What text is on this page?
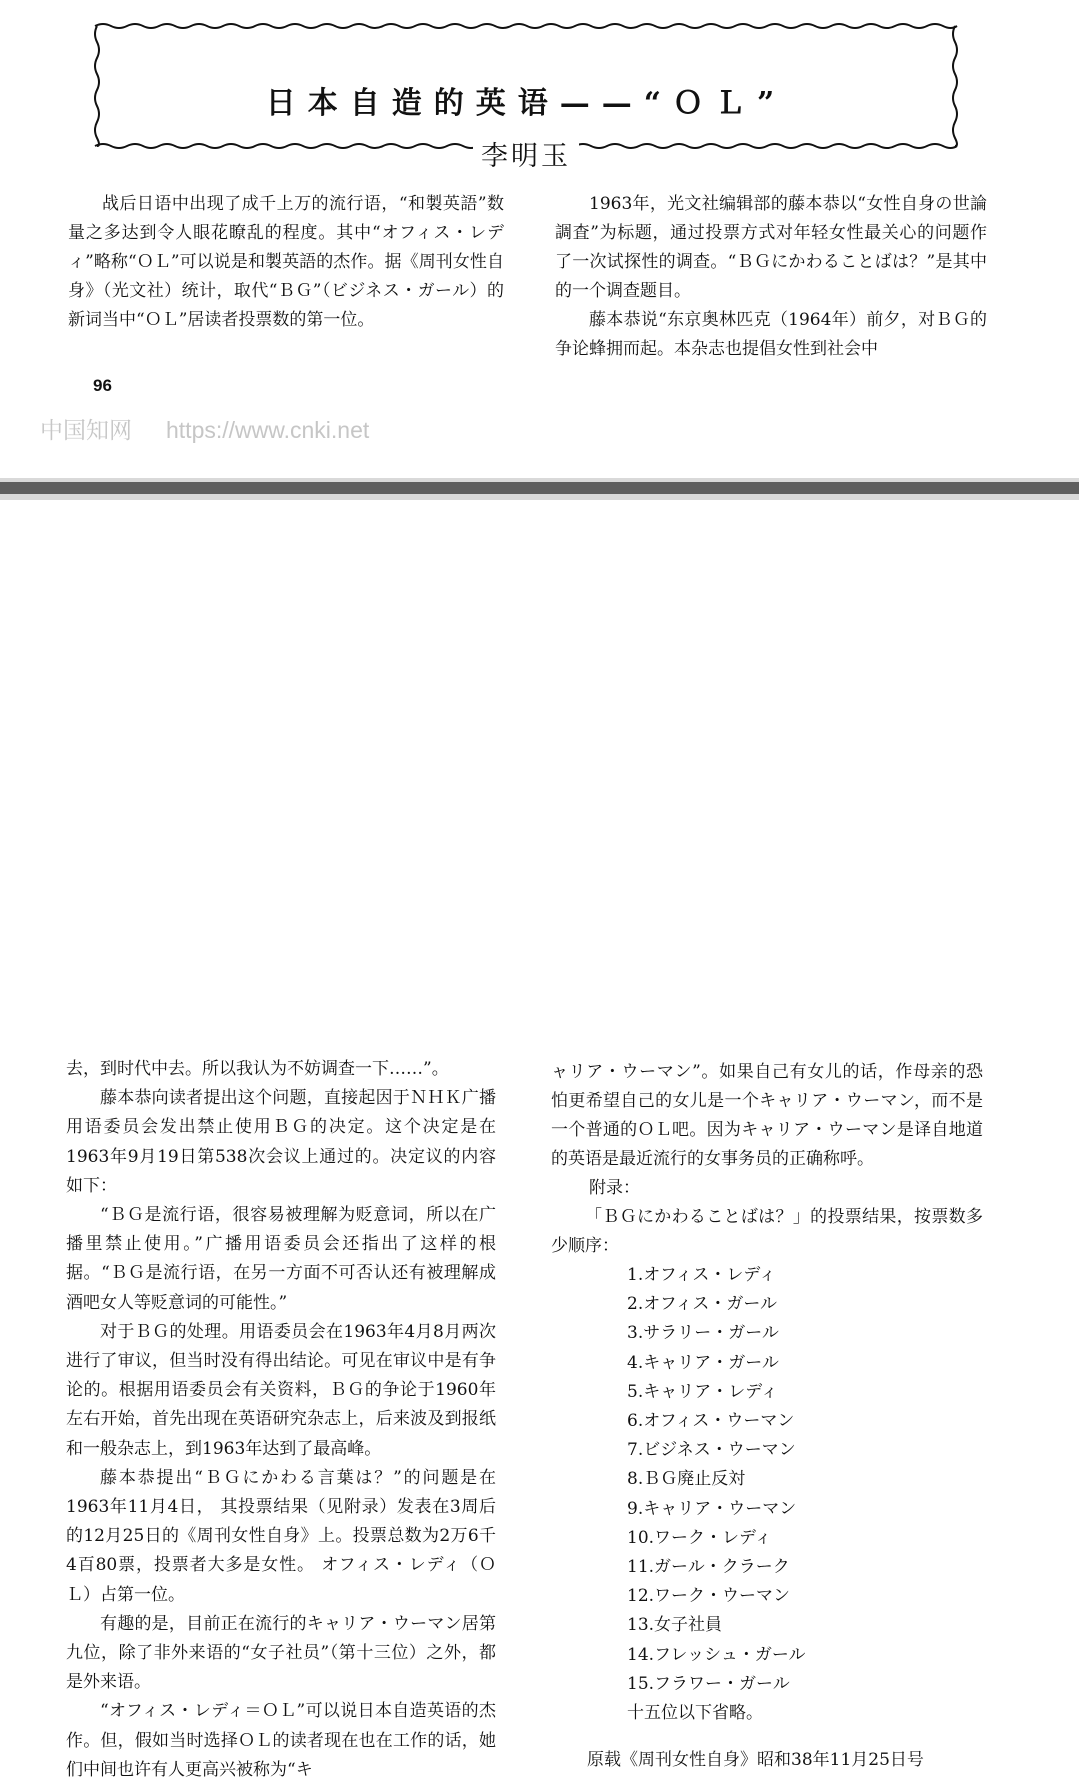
日本自造的英语——“ＯＬ”
李明玉

战后日语中出现了成千上万的流行语，“和製英語”数量之多达到令人眼花瞭乱的程度。其中“オフィス・レディ”略称“ＯＬ”可以说是和製英語的杰作。据《周刊女性自身》（光文社）统计，取代“ＢＧ”（ビジネス・ガール）的新词当中“ＯＬ”居读者投票数的第一位。

1963年，光文社编辑部的藤本恭以“女性自身の世論調査”为标题，通过投票方式对年轻女性最关心的问题作了一次试探性的调查。“ＢＧにかわることばは？”是其中的一个调查题目。

藤本恭说“东京奥林匹克（1964年）前夕，对ＢＧ的争论蜂拥而起。本杂志也提倡女性到社会中

96
中国知网 https://www.cnki.net

去，到时代中去。所以我认为不妨调查一下……”。

藤本恭向读者提出这个问题，直接起因于ＮＨＫ广播用语委员会发出禁止使用ＢＧ的决定。这个决定是在1963年9月19日第538次会议上通过的。决定议的内容如下：

“ＢＧ是流行语，很容易被理解为贬意词，所以在广播里禁止使用。”广播用语委员会还指出了这样的根据。“ＢＧ是流行语，在另一方面不可否认还有被理解成酒吧女人等贬意词的可能性。”

对于ＢＧ的处理。用语委员会在1963年4月8月两次进行了审议，但当时没有得出结论。可见在审议中是有争论的。根据用语委员会有关资料，ＢＧ的争论于1960年左右开始，首先出现在英语研究杂志上，后来波及到报纸和一般杂志上，到1963年达到了最高峰。

藤本恭提出“ＢＧにかわる言葉は？”的问题是在1963年11月4日， 其投票结果（见附录）发表在3周后的12月25日的《周刊女性自身》上。投票总数为2万6千4百80票，投票者大多是女性。 オフィス・レディ（ＯＬ）占第一位。

有趣的是，目前正在流行的キャリア・ウーマン居第九位，除了非外来语的“女子社员”（第十三位）之外，都是外来语。

“オフィス・レディ＝ＯＬ”可以说日本自造英语的杰作。但，假如当时选择ＯＬ的读者现在也在工作的话，她们中间也许有人更高兴被称为“キ

ャリア・ウーマン”。如果自己有女儿的话，作母亲的恐怕更希望自己的女儿是一个キャリア・ウーマン，而不是一个普通的ＯＬ吧。因为キャリア・ウーマン是译自地道的英语是最近流行的女事务员的正确称呼。

附录：

「ＢＧにかわることばは？」的投票结果，按票数多少顺序：

1.オフィス・レディ
2.オフィス・ガール
3.サラリー・ガール
4.キャリア・ガール
5.キャリア・レディ
6.オフィス・ウーマン
7.ビジネス・ウーマン
8.ＢＧ廃止反対
9.キャリア・ウーマン
10.ワーク・レディ
11.ガール・クラーク
12.ワーク・ウーマン
13.女子社員
14.フレッシュ・ガール
15.フラワー・ガール
十五位以下省略。

原载《周刊女性自身》昭和38年11月25日号
